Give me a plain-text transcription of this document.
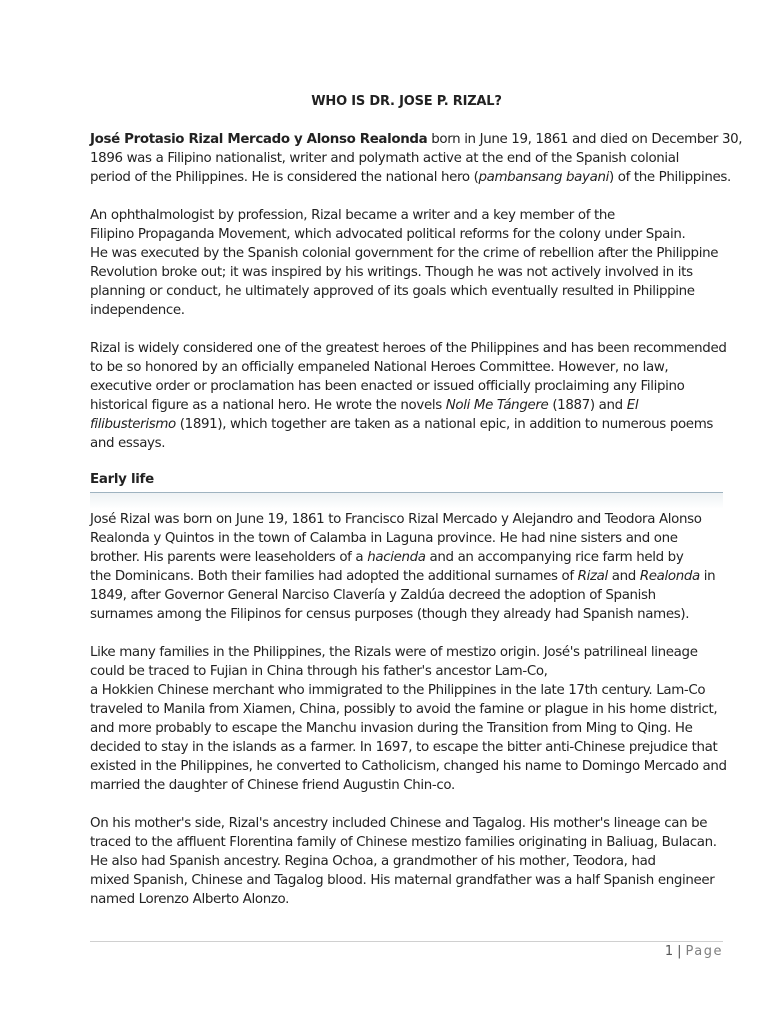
WHO IS DR. JOSE P. RIZAL?
José Protasio Rizal Mercado y Alonso Realonda born in June 19, 1861 and died on December 30,
1896 was a Filipino nationalist, writer and polymath active at the end of the Spanish colonial
period of the Philippines. He is considered the national hero (pambansang bayani) of the Philippines.
An ophthalmologist by profession, Rizal became a writer and a key member of the
Filipino Propaganda Movement, which advocated political reforms for the colony under Spain.
He was executed by the Spanish colonial government for the crime of rebellion after the Philippine
Revolution broke out; it was inspired by his writings. Though he was not actively involved in its
planning or conduct, he ultimately approved of its goals which eventually resulted in Philippine
independence.
Rizal is widely considered one of the greatest heroes of the Philippines and has been recommended
to be so honored by an officially empaneled National Heroes Committee. However, no law,
executive order or proclamation has been enacted or issued officially proclaiming any Filipino
historical figure as a national hero. He wrote the novels Noli Me Tángere (1887) and El
filibusterismo (1891), which together are taken as a national epic, in addition to numerous poems
and essays.
Early life
José Rizal was born on June 19, 1861 to Francisco Rizal Mercado y Alejandro and Teodora Alonso
Realonda y Quintos in the town of Calamba in Laguna province. He had nine sisters and one
brother. His parents were leaseholders of a hacienda and an accompanying rice farm held by
the Dominicans. Both their families had adopted the additional surnames of Rizal and Realonda in
1849, after Governor General Narciso Clavería y Zaldúa decreed the adoption of Spanish
surnames among the Filipinos for census purposes (though they already had Spanish names).
Like many families in the Philippines, the Rizals were of mestizo origin. José's patrilineal lineage
could be traced to Fujian in China through his father's ancestor Lam-Co,
a Hokkien Chinese merchant who immigrated to the Philippines in the late 17th century. Lam-Co
traveled to Manila from Xiamen, China, possibly to avoid the famine or plague in his home district,
and more probably to escape the Manchu invasion during the Transition from Ming to Qing. He
decided to stay in the islands as a farmer. In 1697, to escape the bitter anti-Chinese prejudice that
existed in the Philippines, he converted to Catholicism, changed his name to Domingo Mercado and
married the daughter of Chinese friend Augustin Chin-co.
On his mother's side, Rizal's ancestry included Chinese and Tagalog. His mother's lineage can be
traced to the affluent Florentina family of Chinese mestizo families originating in Baliuag, Bulacan.
He also had Spanish ancestry. Regina Ochoa, a grandmother of his mother, Teodora, had
mixed Spanish, Chinese and Tagalog blood. His maternal grandfather was a half Spanish engineer
named Lorenzo Alberto Alonzo.
1 | Page
